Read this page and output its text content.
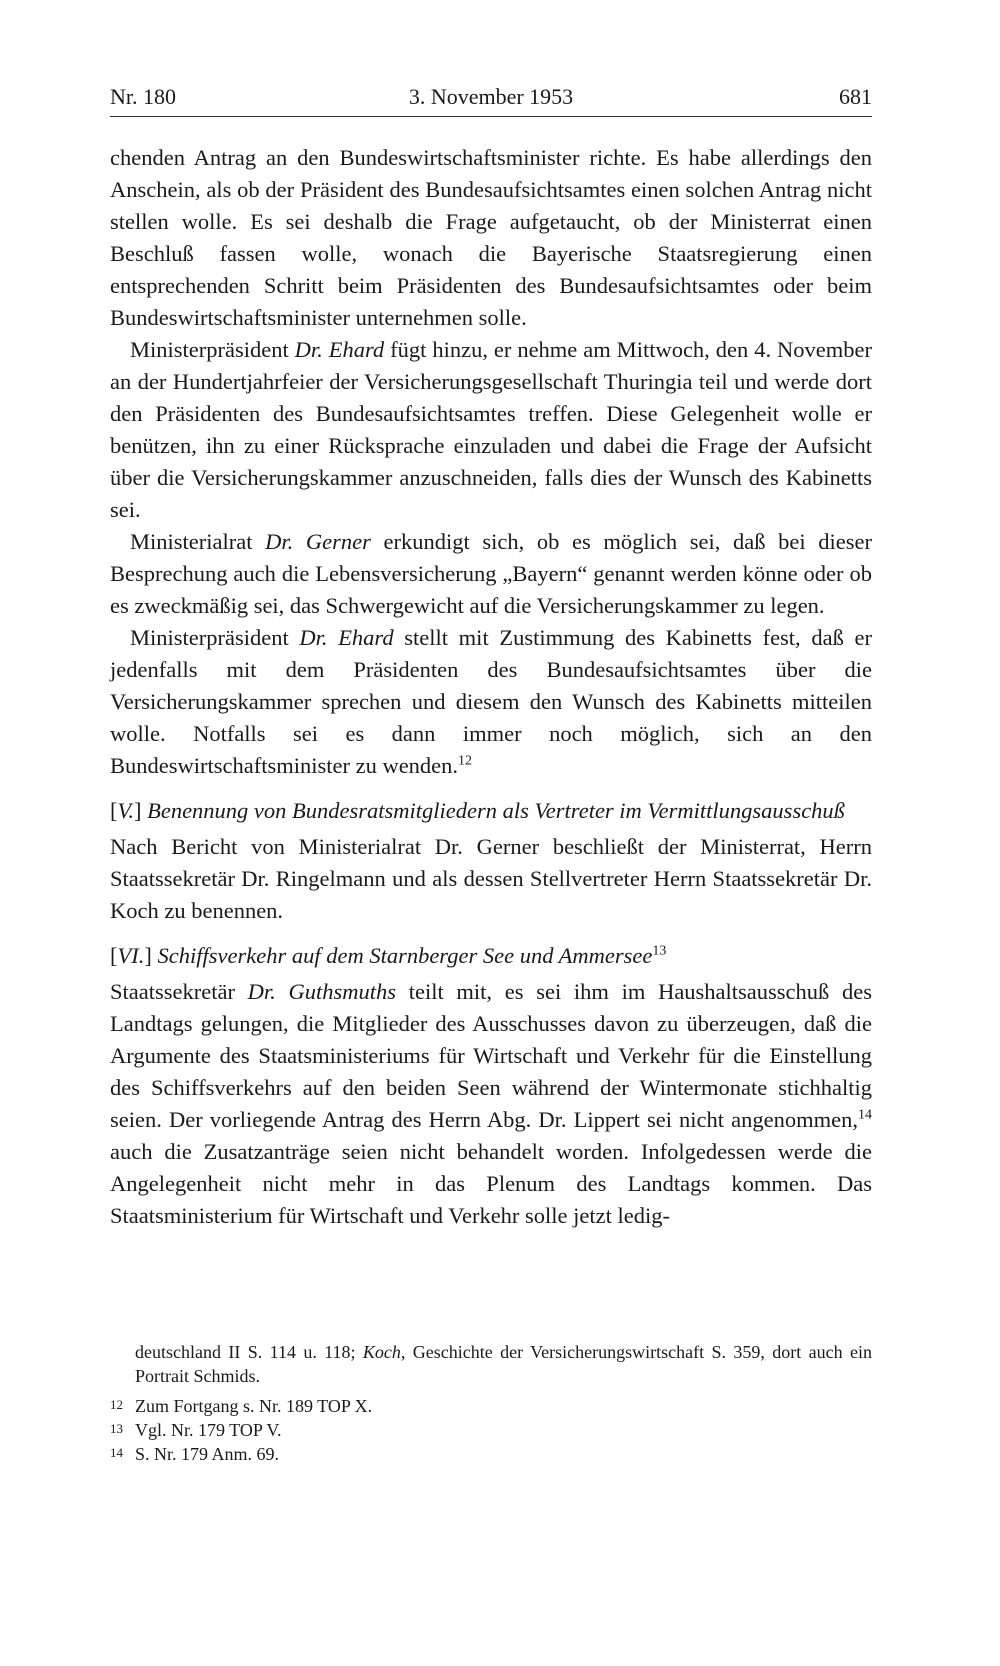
Nr. 180	3. November 1953	681

chenden Antrag an den Bundeswirtschaftsminister richte. Es habe allerdings den Anschein, als ob der Präsident des Bundesaufsichtsamtes einen solchen Antrag nicht stellen wolle. Es sei deshalb die Frage aufgetaucht, ob der Ministerrat einen Beschluß fassen wolle, wonach die Bayerische Staatsregierung einen entsprechenden Schritt beim Präsidenten des Bundesaufsichtsamtes oder beim Bundeswirtschaftsminister unternehmen solle.

Ministerpräsident Dr. Ehard fügt hinzu, er nehme am Mittwoch, den 4. November an der Hundertjahrfeier der Versicherungsgesellschaft Thuringia teil und werde dort den Präsidenten des Bundesaufsichtsamtes treffen. Diese Gelegenheit wolle er benützen, ihn zu einer Rücksprache einzuladen und dabei die Frage der Aufsicht über die Versicherungskammer anzuschneiden, falls dies der Wunsch des Kabinetts sei.

Ministerialrat Dr. Gerner erkundigt sich, ob es möglich sei, daß bei dieser Besprechung auch die Lebensversicherung „Bayern“ genannt werden könne oder ob es zweckmäßig sei, das Schwergewicht auf die Versicherungskammer zu legen.

Ministerpräsident Dr. Ehard stellt mit Zustimmung des Kabinetts fest, daß er jedenfalls mit dem Präsidenten des Bundesaufsichtsamtes über die Versicherungskammer sprechen und diesem den Wunsch des Kabinetts mitteilen wolle. Notfalls sei es dann immer noch möglich, sich an den Bundeswirtschaftsminister zu wenden.$^{12}$

[V.] Benennung von Bundesratsmitgliedern als Vertreter im Vermittlungsausschuß

Nach Bericht von Ministerialrat Dr. Gerner beschließt der Ministerrat, Herrn Staatssekretär Dr. Ringelmann und als dessen Stellvertreter Herrn Staatssekretär Dr. Koch zu benennen.

[VI.] Schiffsverkehr auf dem Starnberger See und Ammersee$^{13}$

Staatssekretär Dr. Guthsmuths teilt mit, es sei ihm im Haushaltsausschuß des Landtags gelungen, die Mitglieder des Ausschusses davon zu überzeugen, daß die Argumente des Staatsministeriums für Wirtschaft und Verkehr für die Einstellung des Schiffsverkehrs auf den beiden Seen während der Wintermonate stichhaltig seien. Der vorliegende Antrag des Herrn Abg. Dr. Lippert sei nicht angenommen,$^{14}$ auch die Zusatzanträge seien nicht behandelt worden. Infolgedessen werde die Angelegenheit nicht mehr in das Plenum des Landtags kommen. Das Staatsministerium für Wirtschaft und Verkehr solle jetzt ledig-

deutschland II S. 114 u. 118; Koch, Geschichte der Versicherungswirtschaft S. 359, dort auch ein Portrait Schmids.
12 Zum Fortgang s. Nr. 189 TOP X.
13 Vgl. Nr. 179 TOP V.
14 S. Nr. 179 Anm. 69.
